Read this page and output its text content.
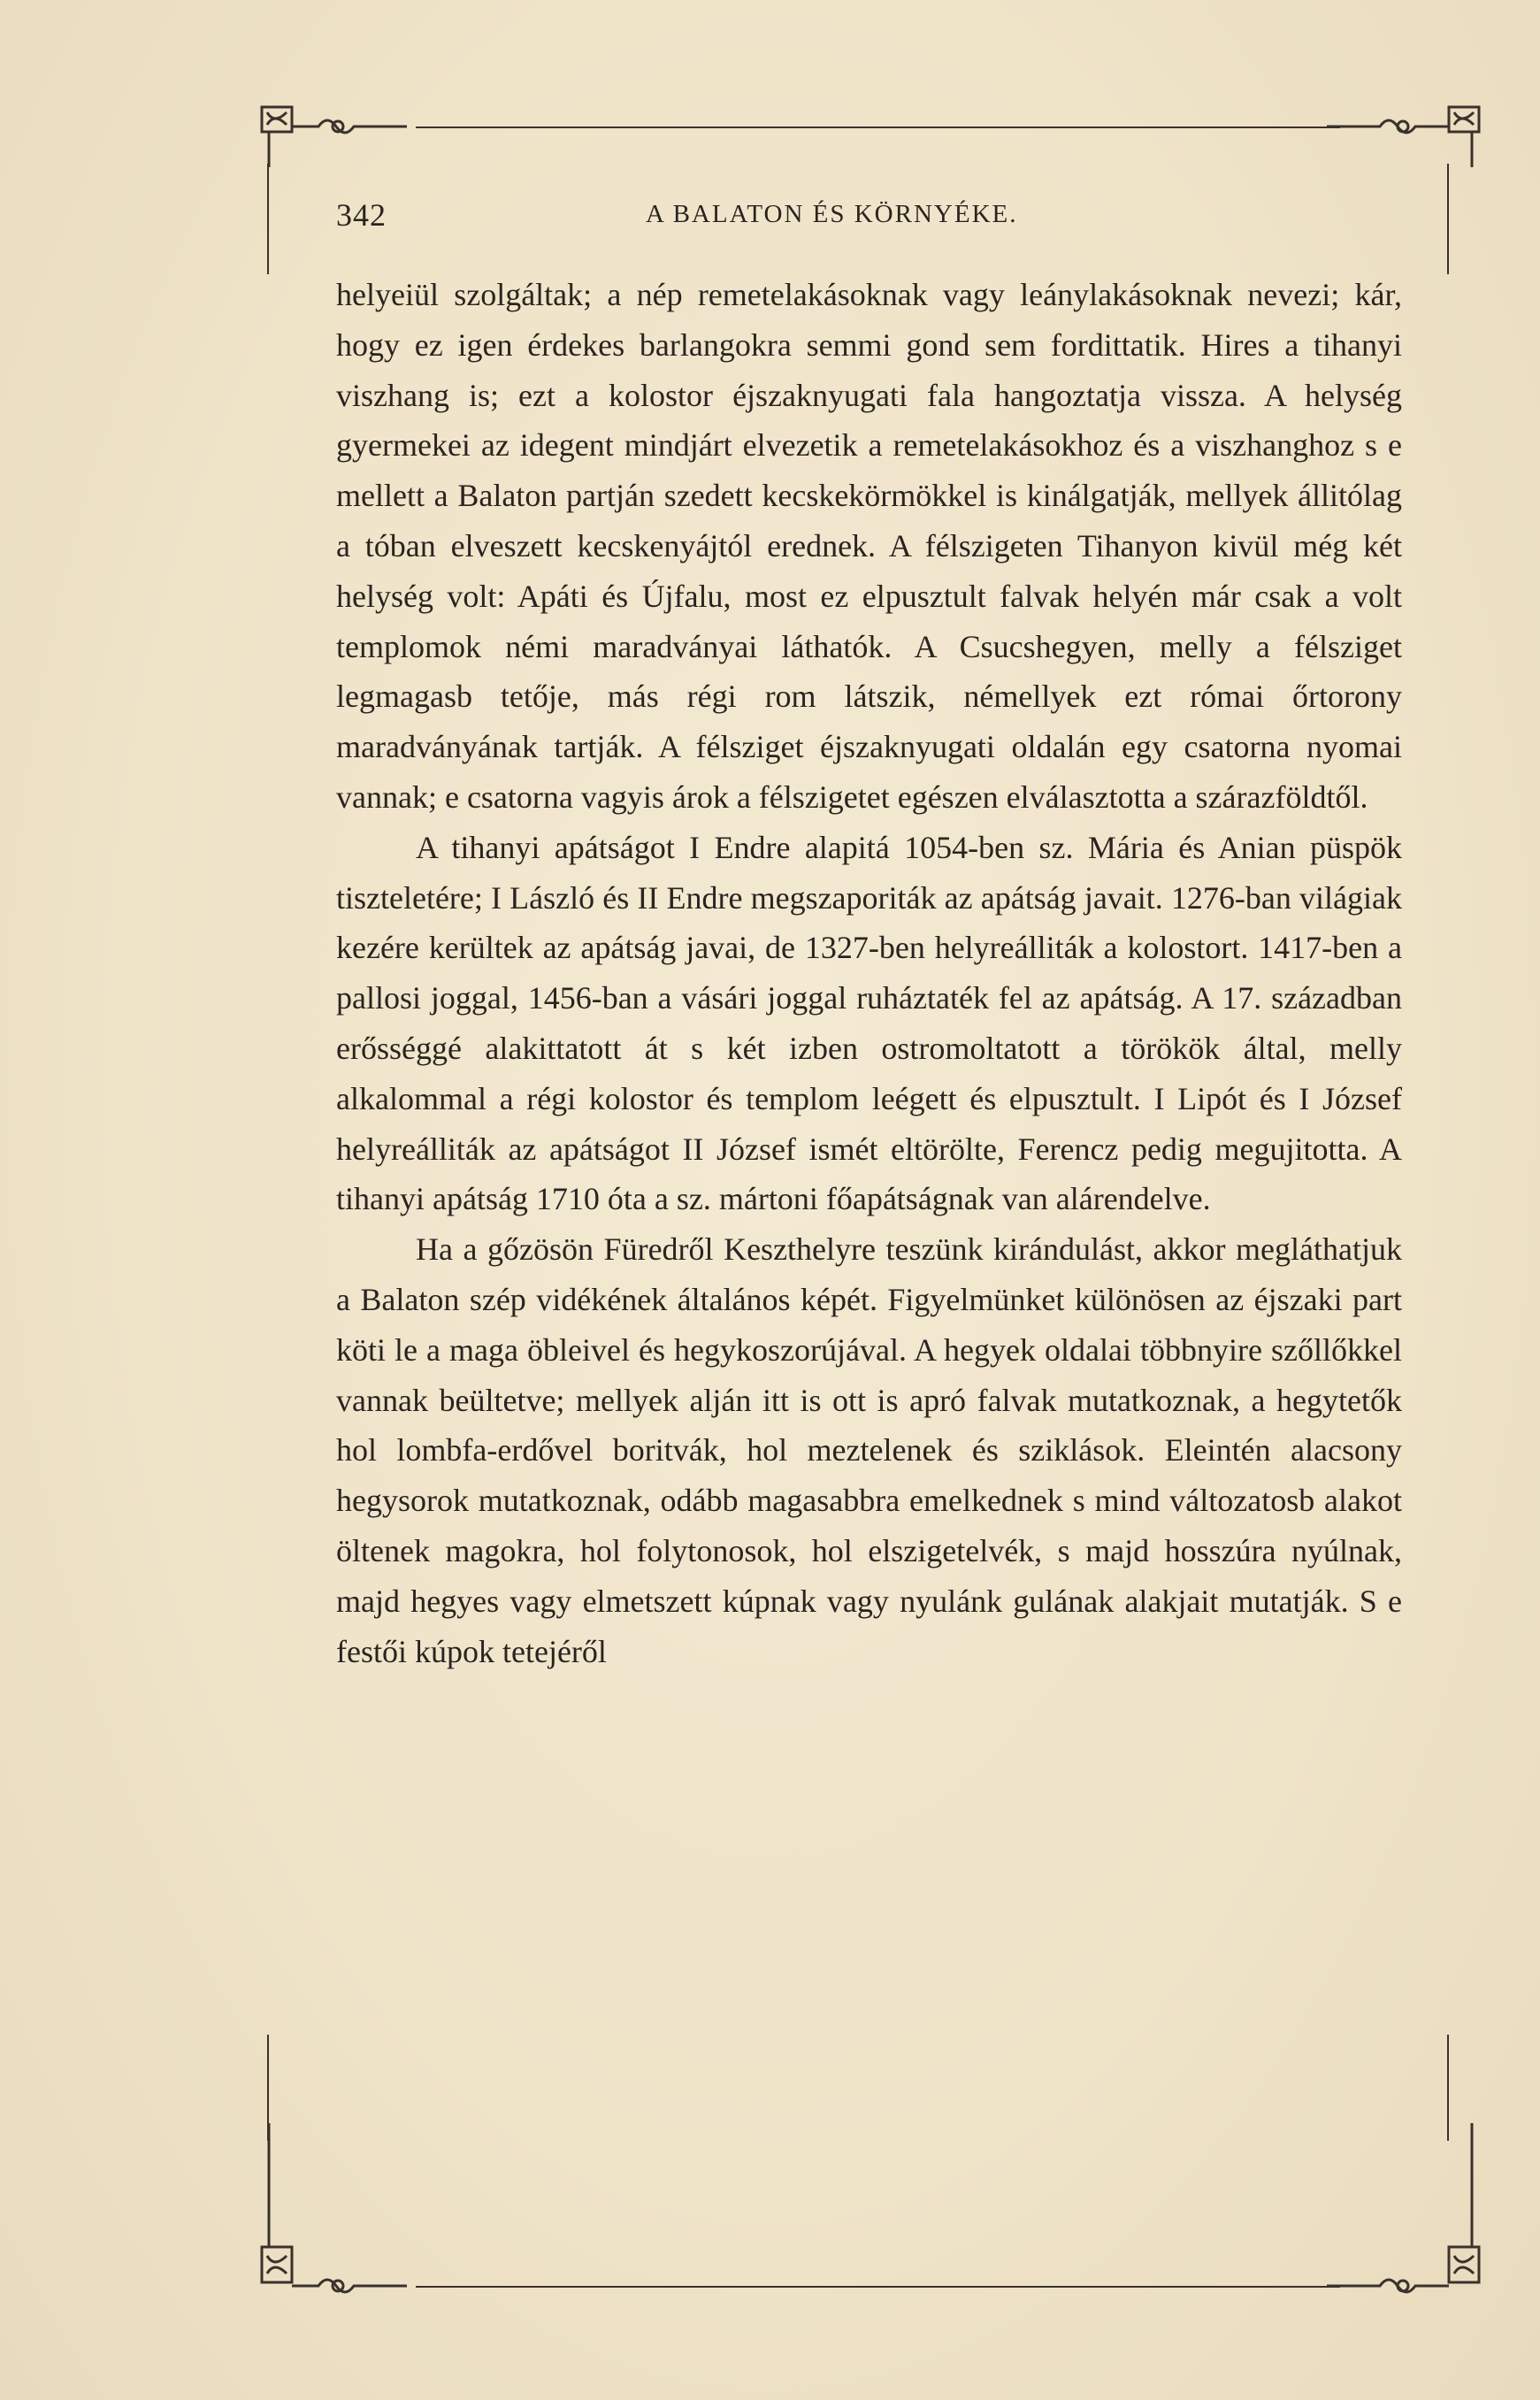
342	A BALATON ÉS KÖRNYÉKE.

helyeiül szolgáltak; a nép remetelakásoknak vagy leánylakásoknak nevezi; kár, hogy ez igen érdekes barlangokra semmi gond sem fordittatik. Hires a tihanyi viszhang is; ezt a kolostor éjszaknyugati fala hangoztatja vissza. A helység gyermekei az idegent mindjárt elvezetik a remetelakásokhoz és a viszhanghoz s e mellett a Balaton partján szedett kecskekörmökkel is kinálgatják, mellyek állitólag a tóban elveszett kecskenyájtól erednek. A félszigeten Tihanyon kivül még két helység volt: Apáti és Újfalu, most ez elpusztult falvak helyén már csak a volt templomok némi maradványai láthatók. A Csucshegyen, melly a félsziget legmagasb tetője, más régi rom látszik, némellyek ezt római őrtorony maradványának tartják. A félsziget éjszaknyugati oldalán egy csatorna nyomai vannak; e csatorna vagyis árok a félszigetet egészen elválasztotta a szárazföldtől.

A tihanyi apátságot I Endre alapitá 1054-ben sz. Mária és Anian püspök tiszteletére; I László és II Endre megszaporiták az apátság javait. 1276-ban világiak kezére kerültek az apátság javai, de 1327-ben helyreálliták a kolostort. 1417-ben a pallosi joggal, 1456-ban a vásári joggal ruháztaték fel az apátság. A 17. században erősséggé alakittatott át s két izben ostromoltatott a törökök által, melly alkalommal a régi kolostor és templom leégett és elpusztult. I Lipót és I József helyreálliták az apátságot II József ismét eltörölte, Ferencz pedig megujitotta. A tihanyi apátság 1710 óta a sz. mártoni főapátságnak van alárendelve.

Ha a gőzösön Füredről Keszthelyre teszünk kirándulást, akkor megláthatjuk a Balaton szép vidékének általános képét. Figyelmünket különösen az éjszaki part köti le a maga öbleivel és hegykoszorújával. A hegyek oldalai többnyire szőllőkkel vannak beültetve; mellyek alján itt is ott is apró falvak mutatkoznak, a hegytetők hol lombfa-erdővel boritvák, hol meztelenek és sziklások. Eleintén alacsony hegysorok mutatkoznak, odább magasabbra emelkednek s mind változatosb alakot öltenek magokra, hol folytonosok, hol elszigetelvék, s majd hosszúra nyúlnak, majd hegyes vagy elmetszett kúpnak vagy nyulánk gulának alakjait mutatják. S e festői kúpok tetejéről
